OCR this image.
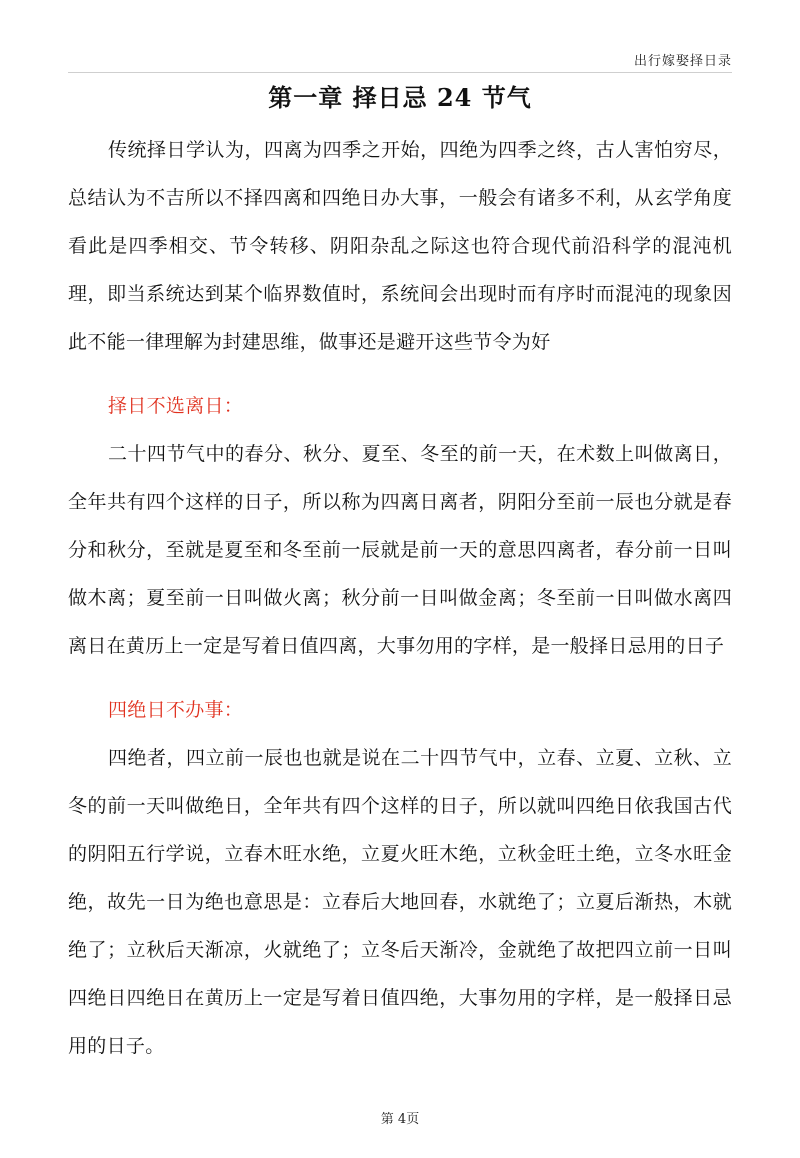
出行嫁娶择日录
第一章 择日忌 24 节气

传统择日学认为，四离为四季之开始，四绝为四季之终，古人害怕穷尽，总结认为不吉所以不择四离和四绝日办大事，一般会有诸多不利，从玄学角度看此是四季相交、节令转移、阴阳杂乱之际这也符合现代前沿科学的混沌机理，即当系统达到某个临界数值时，系统间会出现时而有序时而混沌的现象因此不能一律理解为封建思维，做事还是避开这些节令为好

择日不选离日：

二十四节气中的春分、秋分、夏至、冬至的前一天，在术数上叫做离日，全年共有四个这样的日子，所以称为四离日离者，阴阳分至前一辰也分就是春分和秋分，至就是夏至和冬至前一辰就是前一天的意思四离者，春分前一日叫做木离；夏至前一日叫做火离；秋分前一日叫做金离；冬至前一日叫做水离四离日在黄历上一定是写着日值四离，大事勿用的字样，是一般择日忌用的日子

四绝日不办事：

四绝者，四立前一辰也也就是说在二十四节气中，立春、立夏、立秋、立冬的前一天叫做绝日，全年共有四个这样的日子，所以就叫四绝日依我国古代的阴阳五行学说，立春木旺水绝，立夏火旺木绝，立秋金旺土绝，立冬水旺金绝，故先一日为绝也意思是：立春后大地回春，水就绝了；立夏后渐热，木就绝了；立秋后天渐凉，火就绝了；立冬后天渐冷，金就绝了故把四立前一日叫四绝日四绝日在黄历上一定是写着日值四绝，大事勿用的字样，是一般择日忌用的日子。

第 4页
